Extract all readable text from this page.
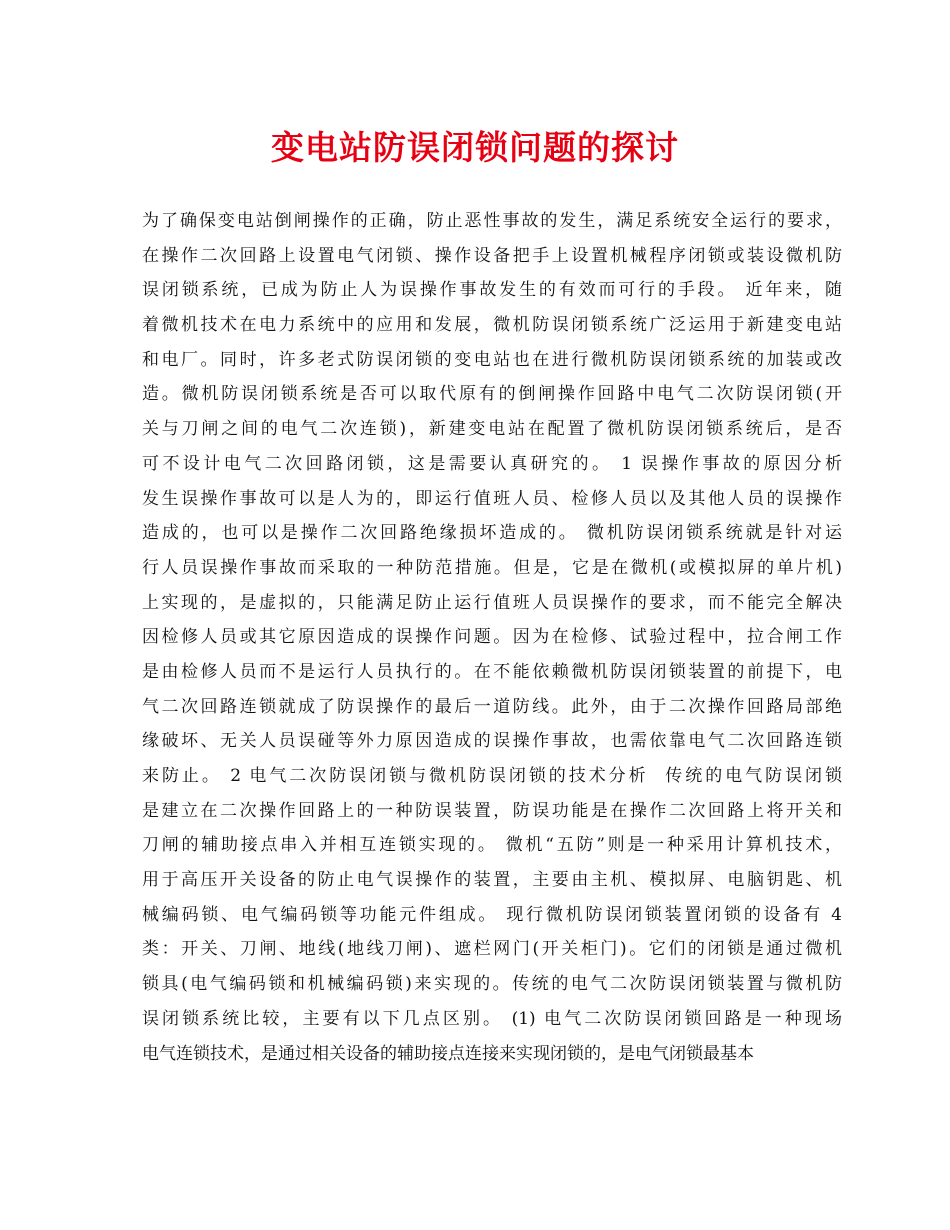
变电站防误闭锁问题的探讨
为了确保变电站倒闸操作的正确，防止恶性事故的发生，满足系统安全运行的要求，
在操作二次回路上设置电气闭锁、操作设备把手上设置机械程序闭锁或装设微机防
误闭锁系统，已成为防止人为误操作事故发生的有效而可行的手段。 近年来，随
着微机技术在电力系统中的应用和发展，微机防误闭锁系统广泛运用于新建变电站
和电厂。同时，许多老式防误闭锁的变电站也在进行微机防误闭锁系统的加装或改
造。微机防误闭锁系统是否可以取代原有的倒闸操作回路中电气二次防误闭锁(开
关与刀闸之间的电气二次连锁)，新建变电站在配置了微机防误闭锁系统后，是否
可不设计电气二次回路闭锁，这是需要认真研究的。 1 误操作事故的原因分析
发生误操作事故可以是人为的，即运行值班人员、检修人员以及其他人员的误操作
造成的，也可以是操作二次回路绝缘损坏造成的。 微机防误闭锁系统就是针对运
行人员误操作事故而采取的一种防范措施。但是，它是在微机(或模拟屏的单片机)
上实现的，是虚拟的，只能满足防止运行值班人员误操作的要求，而不能完全解决
因检修人员或其它原因造成的误操作问题。因为在检修、试验过程中，拉合闸工作
是由检修人员而不是运行人员执行的。在不能依赖微机防误闭锁装置的前提下，电
气二次回路连锁就成了防误操作的最后一道防线。此外，由于二次操作回路局部绝
缘破坏、无关人员误碰等外力原因造成的误操作事故，也需依靠电气二次回路连锁
来防止。 2 电气二次防误闭锁与微机防误闭锁的技术分析  传统的电气防误闭锁
是建立在二次操作回路上的一种防误装置，防误功能是在操作二次回路上将开关和
刀闸的辅助接点串入并相互连锁实现的。 微机“五防”则是一种采用计算机技术，
用于高压开关设备的防止电气误操作的装置，主要由主机、模拟屏、电脑钥匙、机
械编码锁、电气编码锁等功能元件组成。 现行微机防误闭锁装置闭锁的设备有 4
类：开关、刀闸、地线(地线刀闸)、遮栏网门(开关柜门)。它们的闭锁是通过微机
锁具(电气编码锁和机械编码锁)来实现的。传统的电气二次防误闭锁装置与微机防
误闭锁系统比较，主要有以下几点区别。 (1) 电气二次防误闭锁回路是一种现场
电气连锁技术，是通过相关设备的辅助接点连接来实现闭锁的，是电气闭锁最基本
